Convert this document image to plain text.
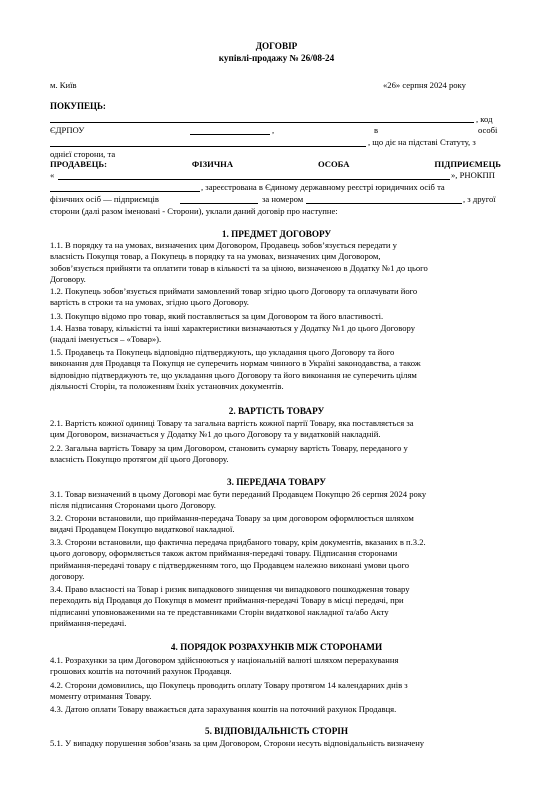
ДОГОВІР
купівлі-продажу № 26/08-24
м. Київ	«26» серпня 2024 року
ПОКУПЕЦЬ:
, код
ЄДРПОУ	,	в	особі
, що діє на підставі Статуту, з
однієї сторони, та
ПРОДАВЕЦЬ:	ФІЗИЧНА	ОСОБА	ПІДПРИЄМЕЦЬ
«	», РНОКПП
, зареєстрована в Єдиному державному реєстрі юридичних осіб та
фізичних осіб — підприємців	за номером	, з другої
сторони (далі разом іменовані - Сторони), уклали даний договір про наступне:
1. ПРЕДМЕТ ДОГОВОРУ
1.1. В порядку та на умовах, визначених цим Договором, Продавець зобов’язується передати у
власність Покупця товар, а Покупець в порядку та на умовах, визначених цим Договором,
зобов’язується прийняти та оплатити товар в кількості та за ціною, визначеною в Додатку №1 до цього
Договору.
1.2. Покупець зобов’язується приймати замовлений товар згідно цього Договору та оплачувати його
вартість в строки та на умовах, згідно цього Договору.
1.3. Покупцю відомо про товар, який поставляється за цим Договором та його властивості.
1.4. Назва товару, кількістні та інші характеристики визначаються у Додатку №1 до цього Договору
(надалі іменується – «Товар»).
1.5. Продавець та Покупець відповідно підтверджують, що укладання цього Договору та його
виконання для Продавця та Покупця не суперечить нормам чинного в Україні законодавства, а також
відповідно підтверджують те, що укладання цього Договору та його виконання не суперечить цілям
діяльності Сторін, та положенням їхніх установчих документів.
2. ВАРТІСТЬ ТОВАРУ
2.1. Вартість кожної одиниці Товару та загальна вартість кожної партії Товару, яка поставляється за
цим Договором, визначається у Додатку №1 до цього Договору та у видатковій накладній.
2.2. Загальна вартість Товару за цим Договором, становить сумарну вартість Товару, переданого у
власність Покупцю протягом дії цього Договору.
3. ПЕРЕДАЧА ТОВАРУ
3.1. Товар визначений в цьому Договорі має бути переданий Продавцем Покупцю 26 серпня 2024 року
після підписання Сторонами цього Договору.
3.2. Сторони встановили, що приймання-передача Товару за цим договором оформлюється шляхом
видачі Продавцем Покупцю видаткової накладної.
3.3. Сторони встановили, що фактична передача придбаного товару, крім документів, вказаних в п.3.2.
цього договору, оформляється також актом приймання-передачі товару. Підписання сторонами
приймання-передачі товару є підтвердженням того, що Продавцем належно виконані умови цього
договору.
3.4. Право власності на Товар і ризик випадкового знищення чи випадкового пошкодження товару
переходить від Продавця до Покупця в момент приймання-передачі Товару в місці передачі, при
підписанні уповноваженими на те представниками Сторін видаткової накладної та/або Акту
приймання-передачі.
4. ПОРЯДОК РОЗРАХУНКІВ МІЖ СТОРОНАМИ
4.1. Розрахунки за цим Договором здійснюються у національній валюті шляхом перерахування
грошових коштів на поточний рахунок Продавця.
4.2. Сторони домовились, що Покупець проводить оплату Товару протягом 14 календарних днів з
моменту отримання Товару.
4.3. Датою оплати Товару вважається дата зарахування коштів на поточний рахунок Продавця.
5. ВІДПОВІДАЛЬНІСТЬ СТОРІН
5.1. У випадку порушення зобов’язань за цим Договором, Сторони несуть відповідальність визначену
